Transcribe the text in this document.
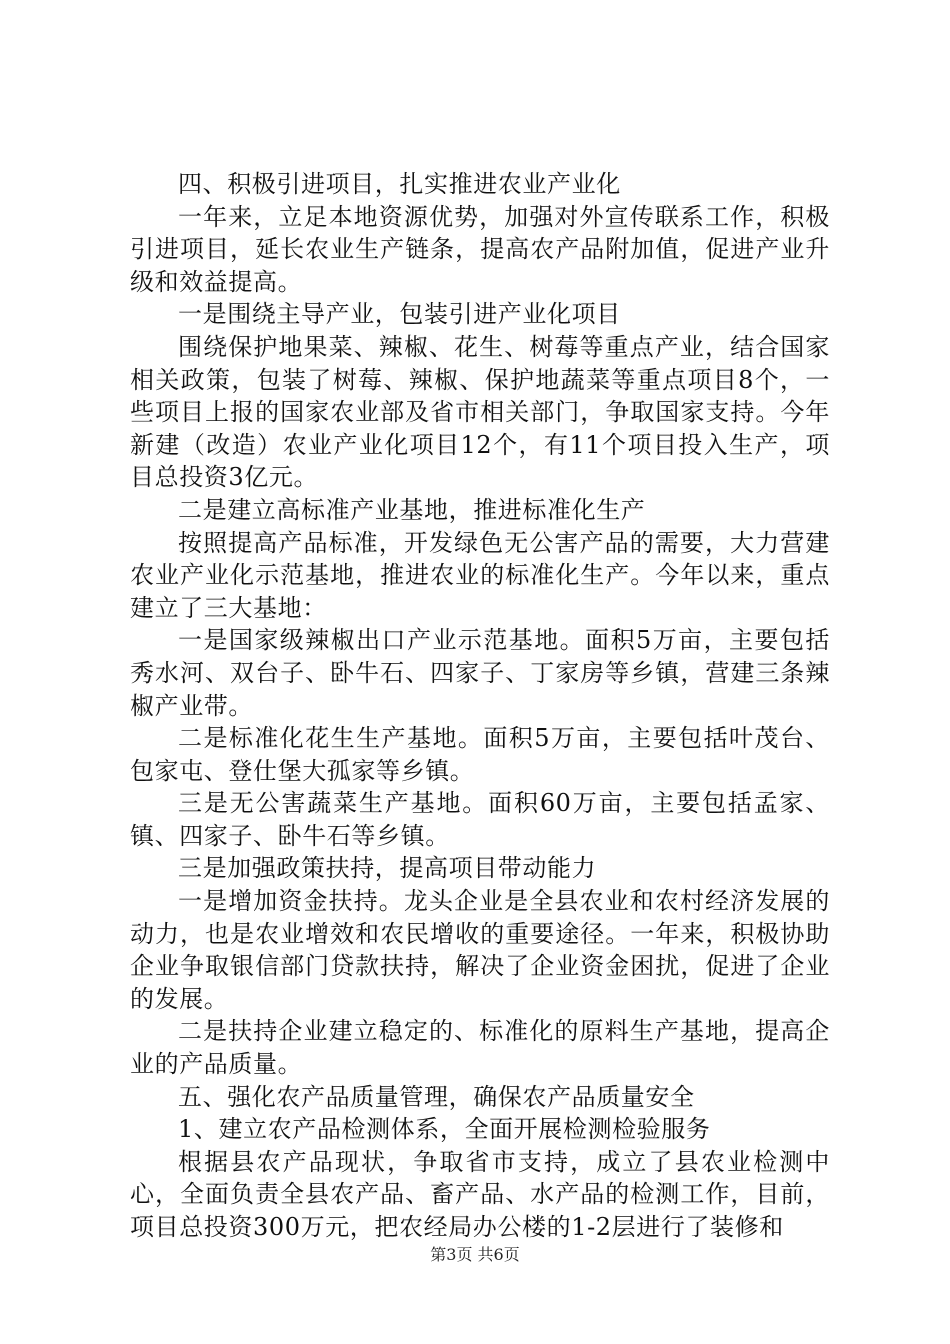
四、积极引进项目，扎实推进农业产业化

一年来，立足本地资源优势，加强对外宣传联系工作，积极引进项目，延长农业生产链条，提高农产品附加值，促进产业升级和效益提高。

一是围绕主导产业，包装引进产业化项目

围绕保护地果菜、辣椒、花生、树莓等重点产业，结合国家相关政策，包装了树莓、辣椒、保护地蔬菜等重点项目8个，一些项目上报的国家农业部及省市相关部门，争取国家支持。今年新建（改造）农业产业化项目12个，有11个项目投入生产，项目总投资3亿元。

二是建立高标准产业基地，推进标准化生产

按照提高产品标准，开发绿色无公害产品的需要，大力营建农业产业化示范基地，推进农业的标准化生产。今年以来，重点建立了三大基地：

一是国家级辣椒出口产业示范基地。面积5万亩，主要包括秀水河、双台子、卧牛石、四家子、丁家房等乡镇，营建三条辣椒产业带。

二是标准化花生生产基地。面积5万亩，主要包括叶茂台、包家屯、登仕堡大孤家等乡镇。

三是无公害蔬菜生产基地。面积60万亩，主要包括孟家、镇、四家子、卧牛石等乡镇。

三是加强政策扶持，提高项目带动能力

一是增加资金扶持。龙头企业是全县农业和农村经济发展的动力，也是农业增效和农民增收的重要途径。一年来，积极协助企业争取银信部门贷款扶持，解决了企业资金困扰，促进了企业的发展。

二是扶持企业建立稳定的、标准化的原料生产基地，提高企业的产品质量。

五、强化农产品质量管理，确保农产品质量安全

1、建立农产品检测体系，全面开展检测检验服务

根据县农产品现状，争取省市支持，成立了县农业检测中心，全面负责全县农产品、畜产品、水产品的检测工作，目前，项目总投资300万元，把农经局办公楼的1-2层进行了装修和

第3页 共6页
